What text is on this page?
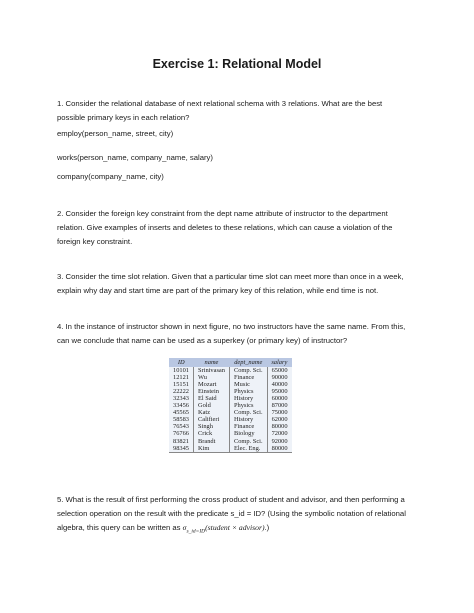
Exercise 1: Relational Model
1. Consider the relational database of next relational schema with 3 relations. What are the best
possible primary keys in each relation?
employ(person_name, street, city)
works(person_name, company_name, salary)
company(company_name, city)
2. Consider the foreign key constraint from the dept name attribute of instructor to the department
relation. Give examples of inserts and deletes to these relations, which can cause a violation of the
foreign key constraint.
3. Consider the time slot relation. Given that a particular time slot can meet more than once in a week,
explain why day and start time are part of the primary key of this relation, while end time is not.
4. In the instance of instructor shown in next figure, no two instructors have the same name. From this,
can we conclude that name can be used as a superkey (or primary key) of instructor?
ID	name	dept_name	salary
10101	Srinivasan	Comp. Sci.	65000
12121	Wu	Finance	90000
15151	Mozart	Music	40000
22222	Einstein	Physics	95000
32343	El Said	History	60000
33456	Gold	Physics	87000
45565	Katz	Comp. Sci.	75000
58583	Califieri	History	62000
76543	Singh	Finance	80000
76766	Crick	Biology	72000
83821	Brandt	Comp. Sci.	92000
98345	Kim	Elec. Eng.	80000
5. What is the result of first performing the cross product of student and advisor, and then performing a
selection operation on the result with the predicate s_id = ID? (Using the symbolic notation of relational
algebra, this query can be written as $\sigma_{s\_id=ID}(student$ × advisor).)
